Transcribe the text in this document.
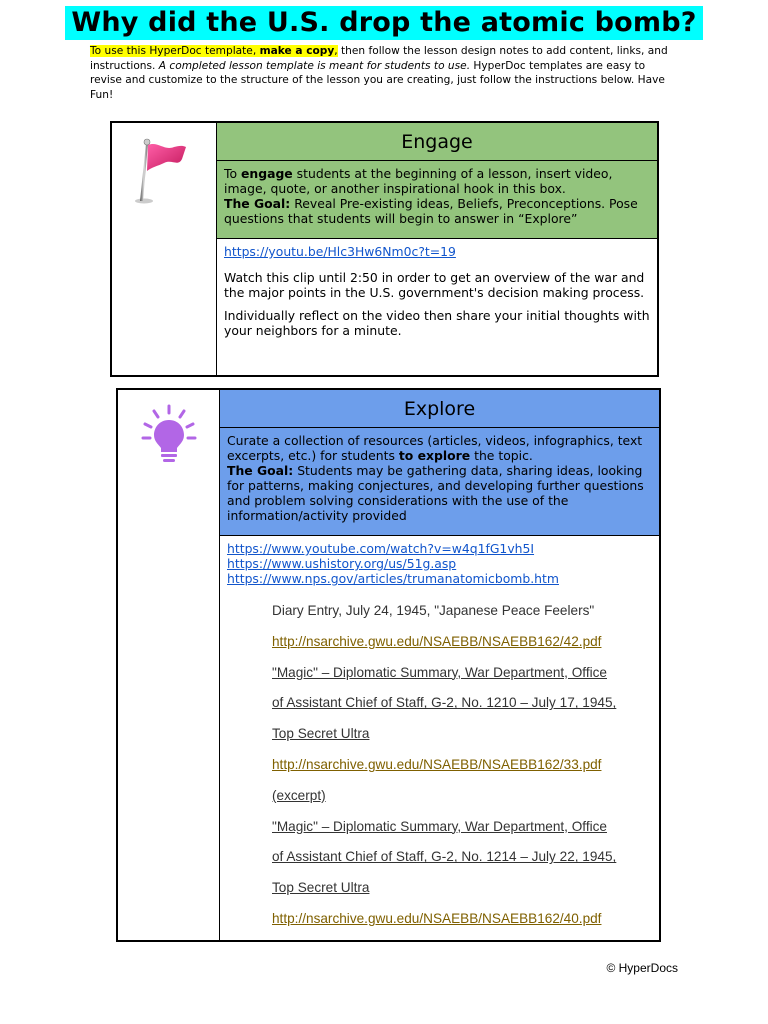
Why did the U.S. drop the atomic bomb?
To use this HyperDoc template, make a copy, then follow the lesson design notes to add content, links, and instructions. A completed lesson template is meant for students to use. HyperDoc templates are easy to revise and customize to the structure of the lesson you are creating, just follow the instructions below. Have Fun!
Engage
To engage students at the beginning of a lesson, insert video, image, quote, or another inspirational hook in this box.
The Goal: Reveal Pre-existing ideas, Beliefs, Preconceptions. Pose questions that students will begin to answer in “Explore”
https://youtu.be/Hlc3Hw6Nm0c?t=19

Watch this clip until 2:50 in order to get an overview of the war and the major points in the U.S. government's decision making process.

Individually reflect on the video then share your initial thoughts with your neighbors for a minute.

Explore
Curate a collection of resources (articles, videos, infographics, text excerpts, etc.) for students to explore the topic.
The Goal: Students may be gathering data, sharing ideas, looking for patterns, making conjectures, and developing further questions and problem solving considerations with the use of the information/activity provided
https://www.youtube.com/watch?v=w4q1fG1vh5I
https://www.ushistory.org/us/51g.asp
https://www.nps.gov/articles/trumanatomicbomb.htm
Diary Entry, July 24, 1945, "Japanese Peace Feelers"
http://nsarchive.gwu.edu/NSAEBB/NSAEBB162/42.pdf
"Magic" – Diplomatic Summary, War Department, Office
of Assistant Chief of Staff, G-2, No. 1210 – July 17, 1945,
Top Secret Ultra
http://nsarchive.gwu.edu/NSAEBB/NSAEBB162/33.pdf
(excerpt)
"Magic" – Diplomatic Summary, War Department, Office
of Assistant Chief of Staff, G-2, No. 1214 – July 22, 1945,
Top Secret Ultra
http://nsarchive.gwu.edu/NSAEBB/NSAEBB162/40.pdf
© HyperDocs
